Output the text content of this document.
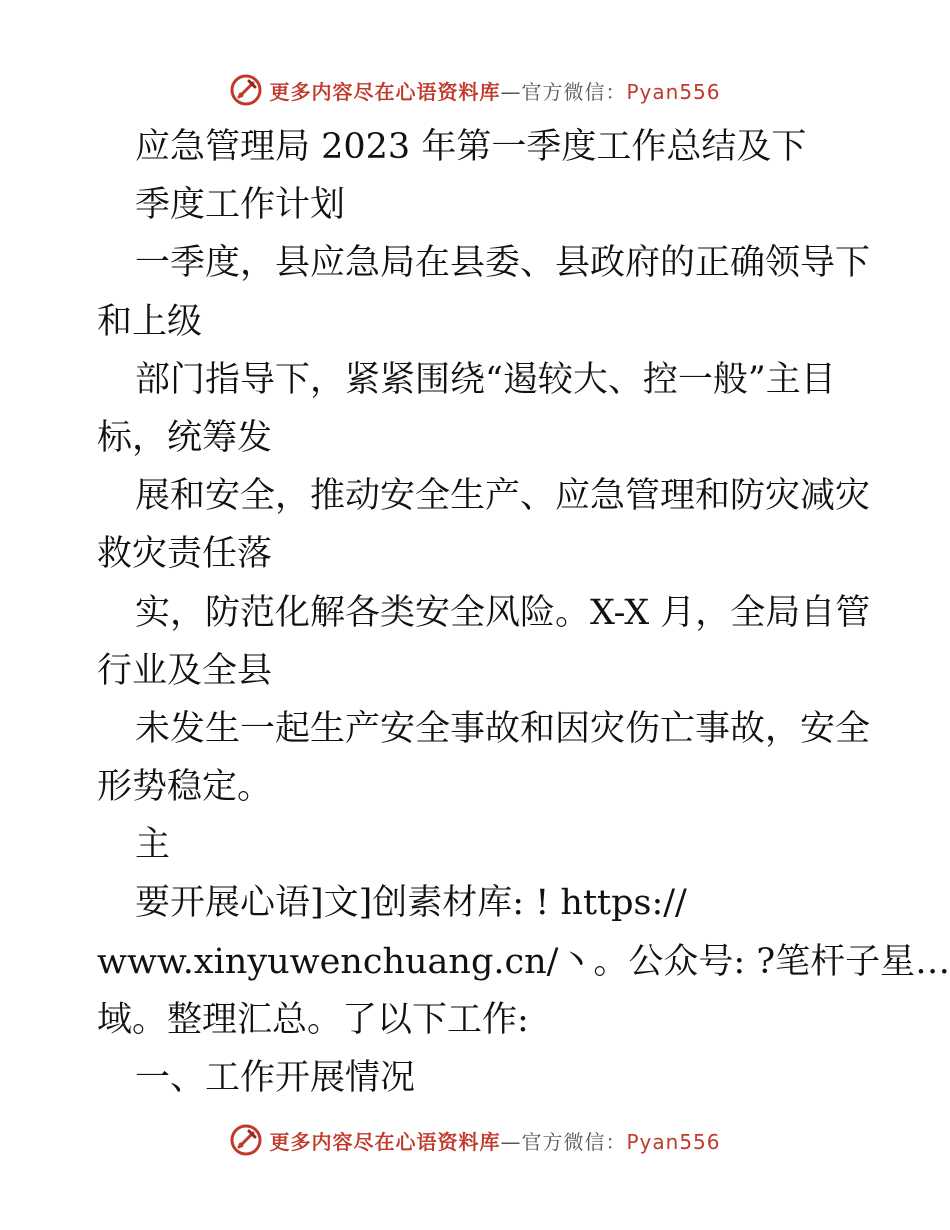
更多内容尽在心语资料库—官方微信：Pyan556
应急管理局 2023 年第一季度工作总结及下
季度工作计划
一季度，县应急局在县委、县政府的正确领导下
和上级
部门指导下，紧紧围绕“遏较大、控一般”主目
标，统筹发
展和安全，推动安全生产、应急管理和防灾减灾
救灾责任落
实，防范化解各类安全风险。X-X 月，全局自管
行业及全县
未发生一起生产安全事故和因灾伤亡事故，安全
形势稳定。
主
要开展心语]文]创素材库: ! https://
www.xinyuwenchuang.cn/丶。公众号: ?笔杆子星…
域。整理汇总。了以下工作:
一、工作开展情况
更多内容尽在心语资料库—官方微信：Pyan556
